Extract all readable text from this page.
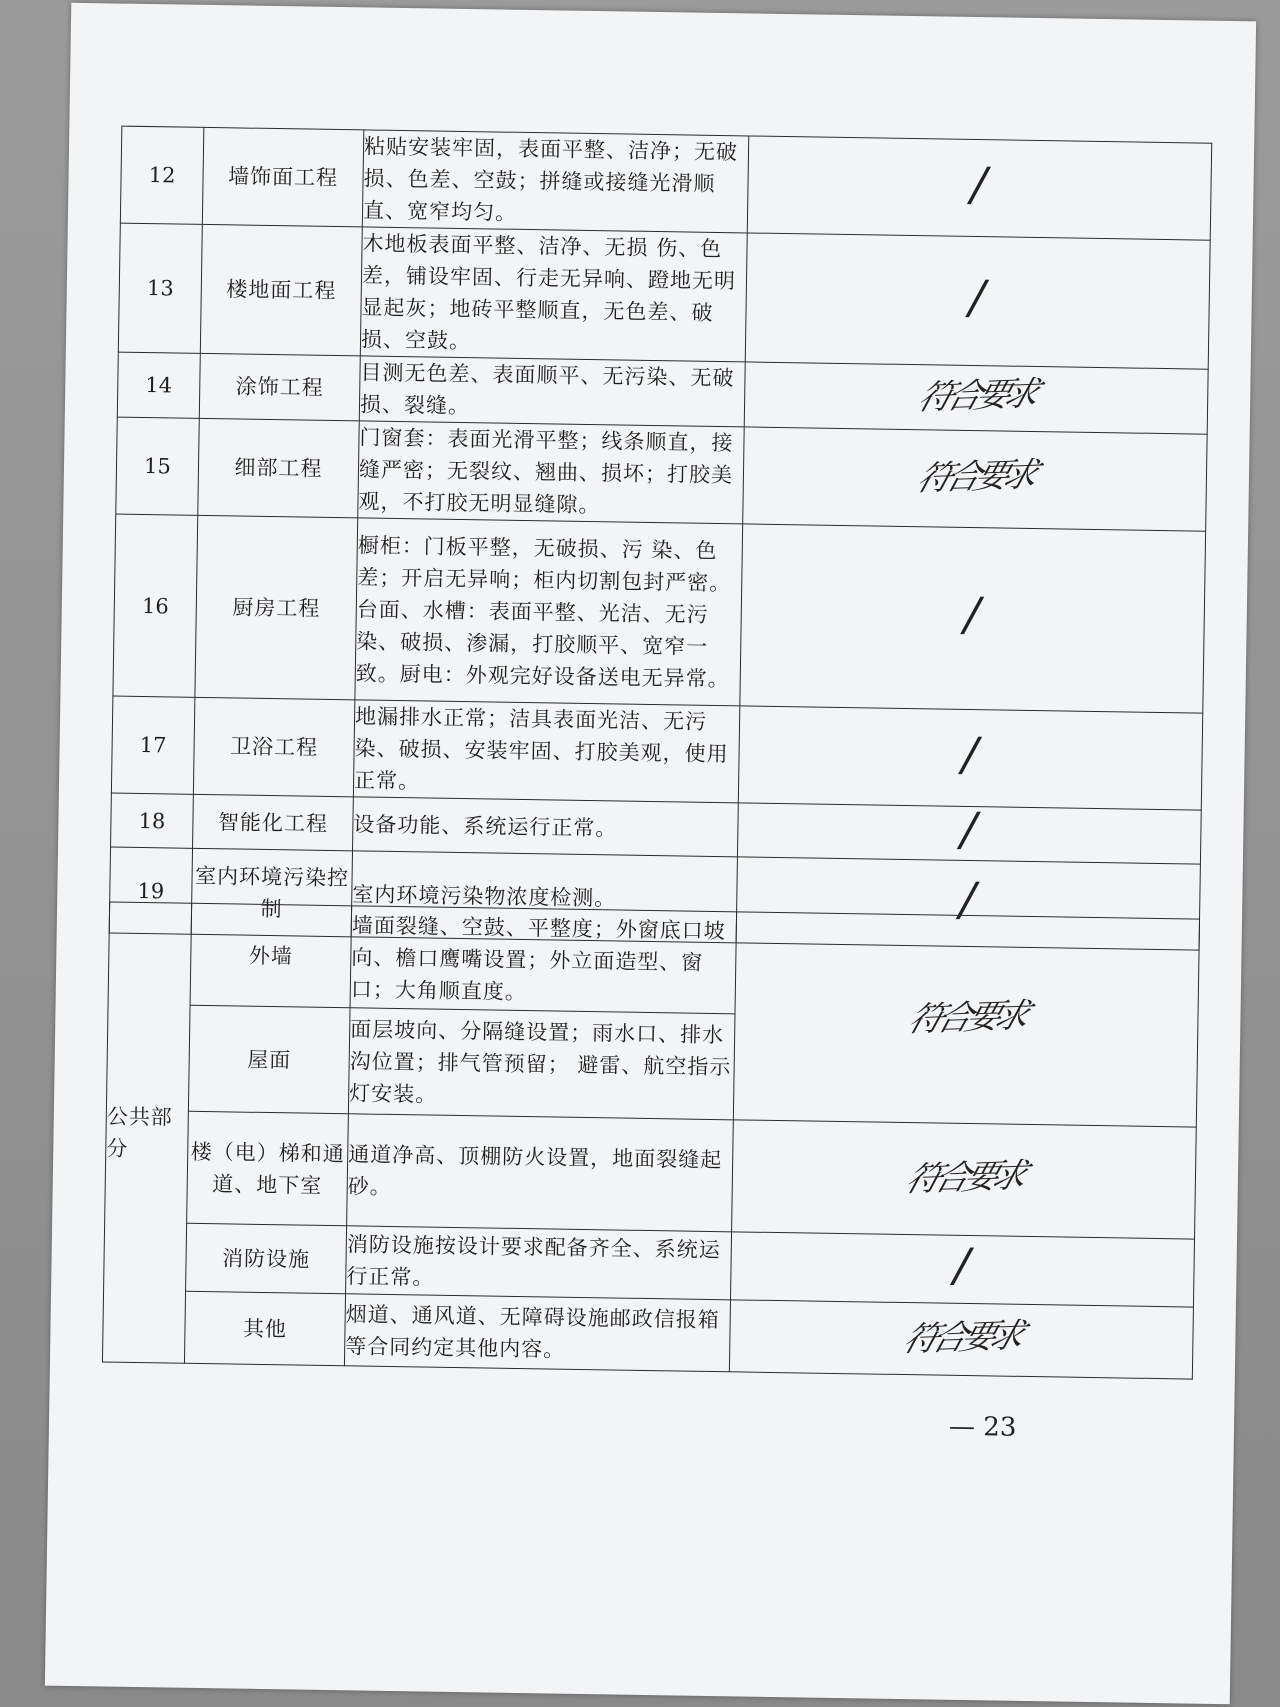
12	墙饰面工程	粘贴安装牢固，表面平整、洁净；无破损、色差、空鼓；拼缝或接缝光滑顺直、宽窄均匀。	/
13	楼地面工程	木地板表面平整、洁净、无损 伤、色差，铺设牢固、行走无异响、蹬地无明显起灰；地砖平整顺直，无色差、破损、空鼓。	/
14	涂饰工程	目测无色差、表面顺平、无污染、无破损、裂缝。	符合要求
15	细部工程	门窗套：表面光滑平整；线条顺直，接缝严密；无裂纹、翘曲、损坏；打胶美观，不打胶无明显缝隙。	符合要求
16	厨房工程	橱柜：门板平整，无破损、污 染、色差；开启无异响；柜内切割包封严密。台面、水槽：表面平整、光洁、无污染、破损、渗漏，打胶顺平、宽窄一致。厨电：外观完好设备送电无异常。	/
17	卫浴工程	地漏排水正常；洁具表面光洁、无污染、破损、安装牢固、打胶美观，使用正常。	/
18	智能化工程	设备功能、系统运行正常。	/
19	室内环境污染控制	室内环境污染物浓度检测。	/
公共部分	外墙	墙面裂缝、空鼓、平整度；外窗底口坡向、檐口鹰嘴设置；外立面造型、窗口；大角顺直度。	符合要求
	屋面	面层坡向、分隔缝设置；雨水口、排水沟位置；排气管预留； 避雷、航空指示灯安装。	
	楼（电）梯和通道、地下室	通道净高、顶棚防火设置，地面裂缝起砂。	符合要求
	消防设施	消防设施按设计要求配备齐全、系统运行正常。	/
	其他	烟道、通风道、无障碍设施邮政信报箱等合同约定其他内容。	符合要求
— 23
